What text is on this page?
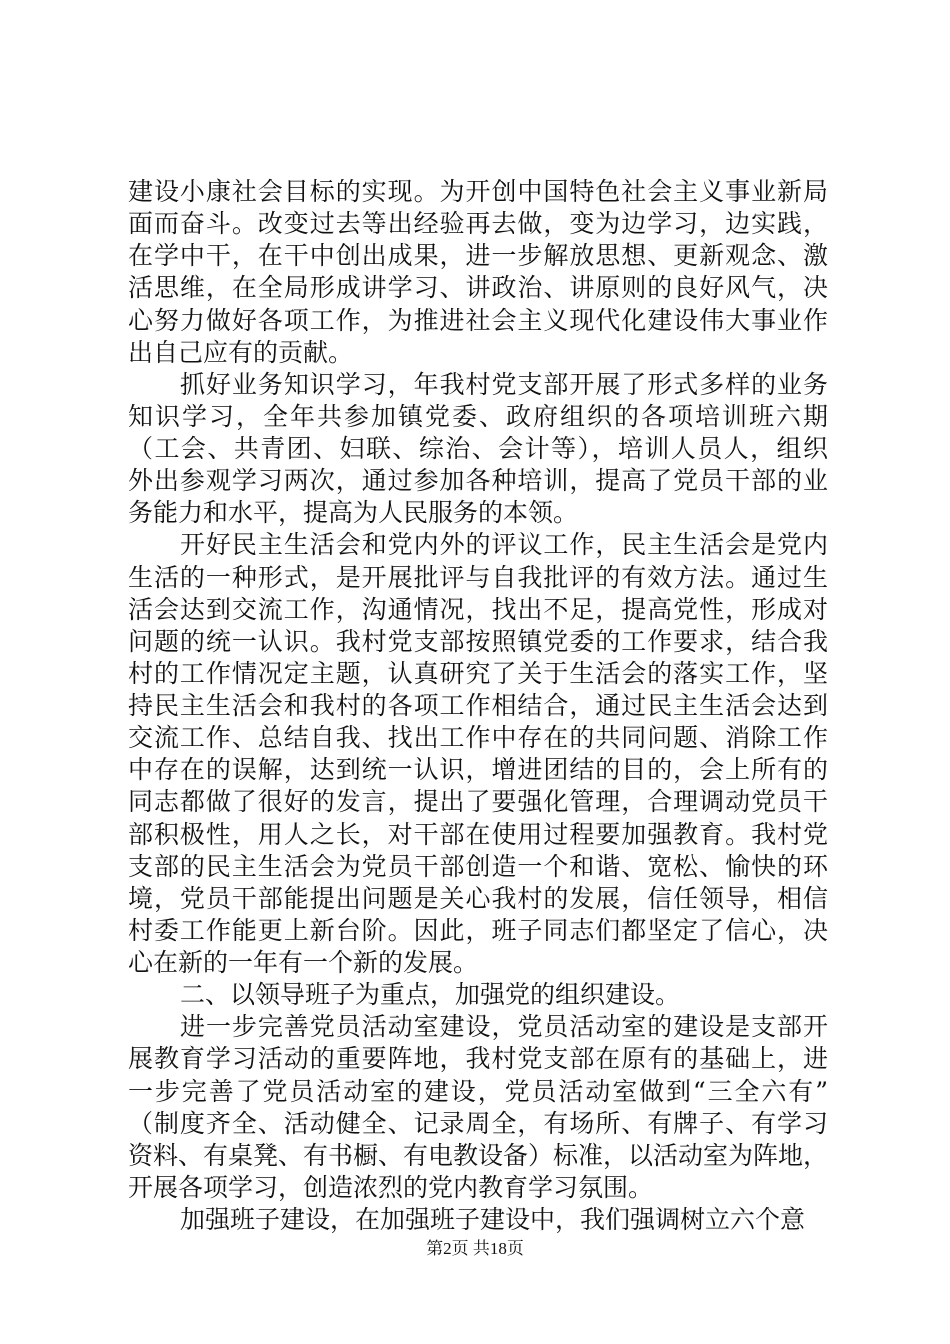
建设小康社会目标的实现。为开创中国特色社会主义事业新局
面而奋斗。改变过去等出经验再去做，变为边学习，边实践，
在学中干，在干中创出成果，进一步解放思想、更新观念、激
活思维，在全局形成讲学习、讲政治、讲原则的良好风气，决
心努力做好各项工作，为推进社会主义现代化建设伟大事业作
出自己应有的贡献。
抓好业务知识学习，年我村党支部开展了形式多样的业务
知识学习，全年共参加镇党委、政府组织的各项培训班六期
（工会、共青团、妇联、综治、会计等），培训人员人，组织
外出参观学习两次，通过参加各种培训，提高了党员干部的业
务能力和水平，提高为人民服务的本领。
开好民主生活会和党内外的评议工作，民主生活会是党内
生活的一种形式，是开展批评与自我批评的有效方法。通过生
活会达到交流工作，沟通情况，找出不足，提高党性，形成对
问题的统一认识。我村党支部按照镇党委的工作要求，结合我
村的工作情况定主题，认真研究了关于生活会的落实工作，坚
持民主生活会和我村的各项工作相结合，通过民主生活会达到
交流工作、总结自我、找出工作中存在的共同问题、消除工作
中存在的误解，达到统一认识，增进团结的目的，会上所有的
同志都做了很好的发言，提出了要强化管理，合理调动党员干
部积极性，用人之长，对干部在使用过程要加强教育。我村党
支部的民主生活会为党员干部创造一个和谐、宽松、愉快的环
境，党员干部能提出问题是关心我村的发展，信任领导，相信
村委工作能更上新台阶。因此，班子同志们都坚定了信心，决
心在新的一年有一个新的发展。
二、以领导班子为重点，加强党的组织建设。
进一步完善党员活动室建设，党员活动室的建设是支部开
展教育学习活动的重要阵地，我村党支部在原有的基础上，进
一步完善了党员活动室的建设，党员活动室做到“三全六有”
（制度齐全、活动健全、记录周全，有场所、有牌子、有学习
资料、有桌凳、有书橱、有电教设备）标准，以活动室为阵地，
开展各项学习，创造浓烈的党内教育学习氛围。
加强班子建设，在加强班子建设中，我们强调树立六个意
第2页 共18页
